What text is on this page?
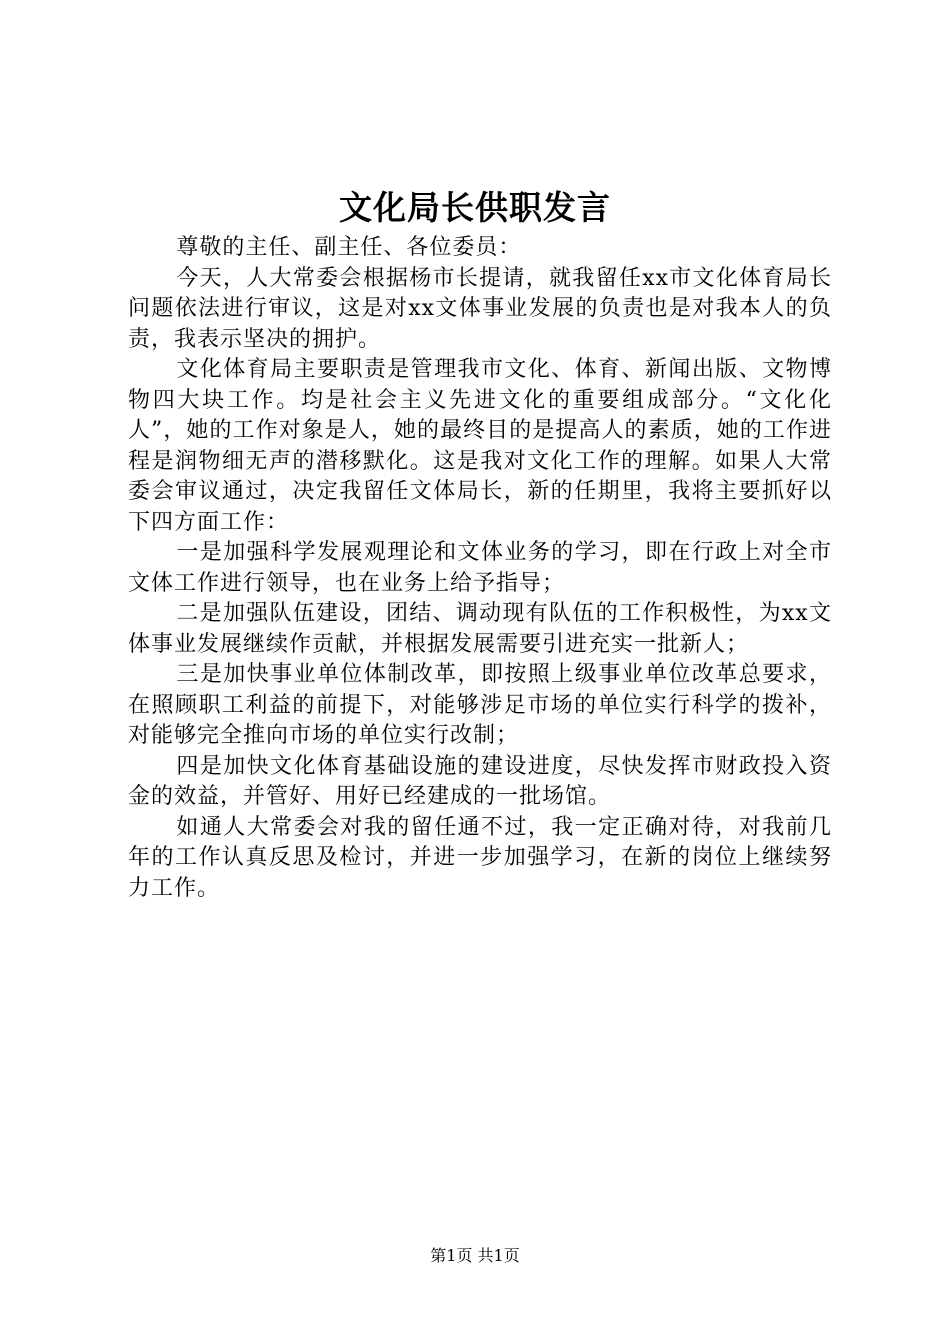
文化局长供职发言

尊敬的主任、副主任、各位委员：

今天，人大常委会根据杨市长提请，就我留任xx市文化体育局长问题依法进行审议，这是对xx文体事业发展的负责也是对我本人的负责，我表示坚决的拥护。

文化体育局主要职责是管理我市文化、体育、新闻出版、文物博物四大块工作。均是社会主义先进文化的重要组成部分。“文化化人”，她的工作对象是人，她的最终目的是提高人的素质，她的工作进程是润物细无声的潜移默化。这是我对文化工作的理解。如果人大常委会审议通过，决定我留任文体局长，新的任期里，我将主要抓好以下四方面工作：

一是加强科学发展观理论和文体业务的学习，即在行政上对全市文体工作进行领导，也在业务上给予指导；

二是加强队伍建设，团结、调动现有队伍的工作积极性，为xx文体事业发展继续作贡献，并根据发展需要引进充实一批新人；

三是加快事业单位体制改革，即按照上级事业单位改革总要求，在照顾职工利益的前提下，对能够涉足市场的单位实行科学的拨补，对能够完全推向市场的单位实行改制；

四是加快文化体育基础设施的建设进度，尽快发挥市财政投入资金的效益，并管好、用好已经建成的一批场馆。

如通人大常委会对我的留任通不过，我一定正确对待，对我前几年的工作认真反思及检讨，并进一步加强学习，在新的岗位上继续努力工作。

第1页 共1页
